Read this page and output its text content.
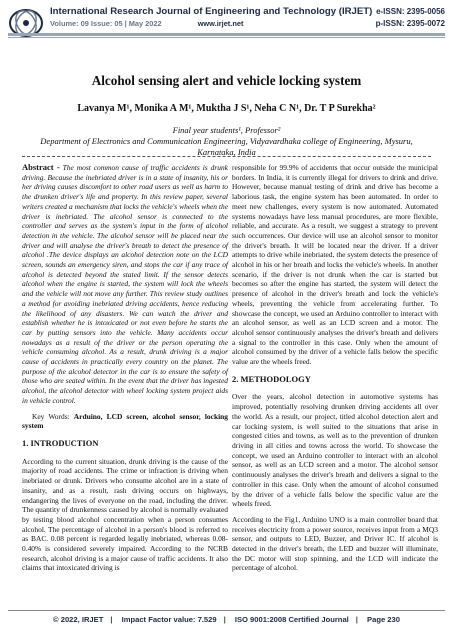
International Research Journal of Engineering and Technology (IRJET)
Volume: 09 Issue: 05 | May 2022	www.irjet.net
e-ISSN: 2395-0056
p-ISSN: 2395-0072
Alcohol sensing alert and vehicle locking system
Lavanya M¹, Monika A M¹, Muktha J S¹, Neha C N¹, Dr. T P Surekha²
Final year students¹, Professor²
Department of Electronics and Communication Engineering, Vidyavardhaka college of Engineering, Mysuru,
Karnataka, India

Abstract - The most common cause of traffic accidents is drunk driving. Because the inebriated driver is in a state of insanity, his or her driving causes discomfort to other road users as well as harm to the drunken driver's life and property. In this review paper, several writers created a mechanism that locks the vehicle's wheels when the driver is inebriated. The alcohol sensor is connected to the controller and serves as the system's input in the form of alcohol detection in the vehicle. The alcohol sensor will be placed near the driver and will analyse the driver's breath to detect the presence of alcohol .The device displays an alcohol detection note on the LCD screen, sounds an emergency siren, and stops the car if any trace of alcohol is detected beyond the stated limit. If the sensor detects alcohol when the engine is started, the system will lock the wheels and the vehicle will not move any further. This review study outlines a method for avoiding inebriated driving accidents, hence reducing the likelihood of any disasters. We can watch the driver and establish whether he is intoxicated or not even before he starts the car by putting sensors into the vehicle. Many accidents occur nowadays as a result of the driver or the person operating the vehicle consuming alcohol. As a result, drunk driving is a major cause of accidents in practically every country on the planet. The purpose of the alcohol detector in the car is to ensure the safety of those who are seated within. In the event that the driver has ingested alcohol, the alcohol detector with wheel locking system project aids in vehicle control.

Key Words: Arduino, LCD screen, alcohol sensor, locking system

1. INTRODUCTION

According to the current situation, drunk driving is the cause of the majority of road accidents. The crime or infraction is driving when inebriated or drunk. Drivers who consume alcohol are in a state of insanity, and as a result, rash driving occurs on highways, endangering the lives of everyone on the road, including the driver. The quantity of drunkenness caused by alcohol is normally evaluated by testing blood alcohol concentration when a person consumes alcohol. The percentage of alcohol in a person's blood is referred to as BAC. 0.08 percent is regarded legally inebriated, whereas 0.08-0.40% is considered severely impaired. According to the NCRB research, alcohol driving is a major cause of traffic accidents. It also claims that intoxicated driving is

responsible for 99.9% of accidents that occur outside the municipal borders. In India, it is currently illegal for drivers to drink and drive. However, because manual testing of drink and drive has become a laborious task, the engine system has been automated. In order to meet new challenges, every system is now automated. Automated systems nowadays have less manual procedures, are more flexible, reliable, and accurate. As a result, we suggest a strategy to prevent such occurrences. Our device will use an alcohol sensor to monitor the driver's breath. It will be located near the driver. If a driver attempts to drive while inebriated, the system detects the presence of alcohol in his or her breath and locks the vehicle's wheels. In another scenario, if the driver is not drunk when the car is started but becomes so after the engine has started, the system will detect the presence of alcohol in the driver's breath and lock the vehicle's wheels, preventing the vehicle from accelerating further. To showcase the concept, we used an Arduino controller to interact with an alcohol sensor, as well as an LCD screen and a motor. The alcohol sensor continuously analyses the driver's breath and delivers a signal to the controller in this case. Only when the amount of alcohol consumed by the driver of a vehicle falls below the specific value are the wheels freed.

2. METHODOLOGY

Over the years, alcohol detection in automotive systems has improved, potentially resolving drunken driving accidents all over the world. As a result, our project, titled alcohol detection alert and car locking system, is well suited to the situations that arise in congested cities and towns, as well as to the prevention of drunken driving in all cities and towns across the world. To showcase the concept, we used an Arduino controller to interact with an alcohol sensor, as well as an LCD screen and a motor. The alcohol sensor continuously analyses the driver's breath and delivers a signal to the controller in this case. Only when the amount of alcohol consumed by the driver of a vehicle falls below the specific value are the wheels freed.

According to the Fig1, Arduino UNO is a main controller board that receives electricity from a power source, receives input from a MQ3 sensor, and outputs to LED, Buzzer, and Driver IC. If alcohol is detected in the driver's breath, the LED and buzzer will illuminate, the DC motor will stop spinning, and the LCD will indicate the percentage of alcohol.

© 2022, IRJET | Impact Factor value: 7.529 | ISO 9001:2008 Certified Journal | Page 230
